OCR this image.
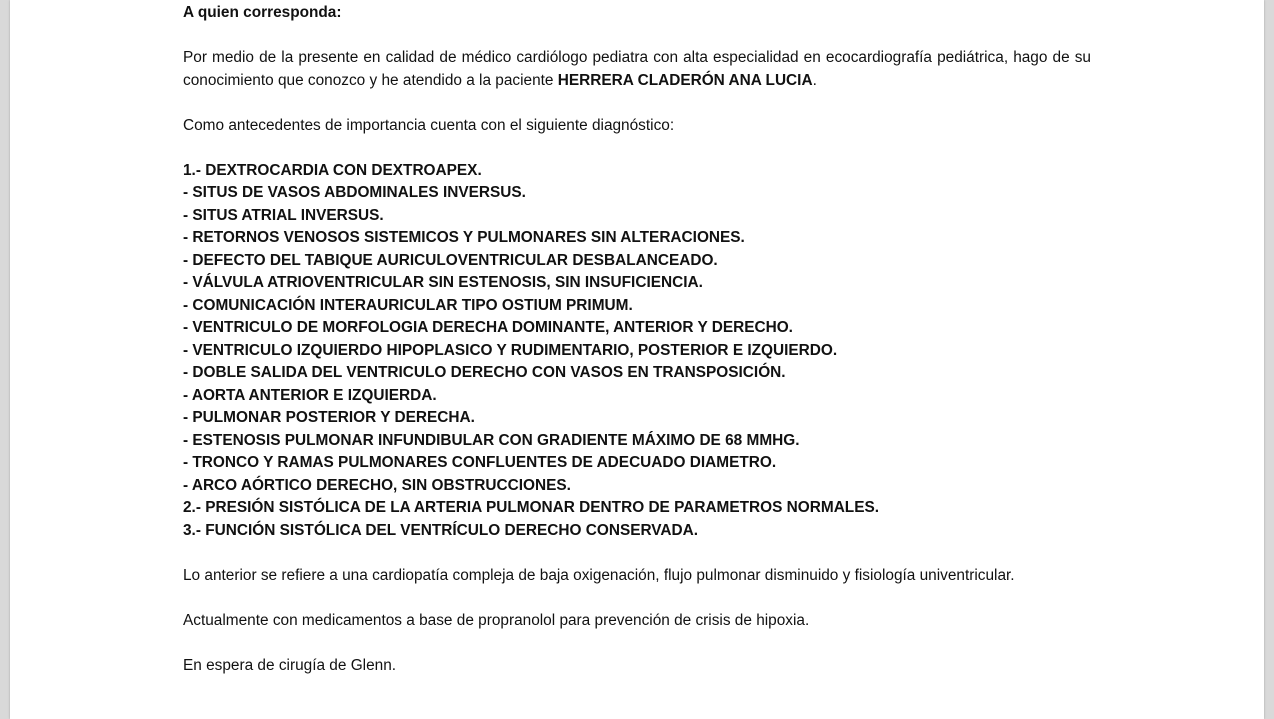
A quien corresponda:

Por medio de la presente en calidad de médico cardiólogo pediatra con alta especialidad en ecocardiografía pediátrica, hago de su conocimiento que conozco y he atendido a la paciente HERRERA CLADERÓN ANA LUCIA.

Como antecedentes de importancia cuenta con el siguiente diagnóstico:

1.- DEXTROCARDIA CON DEXTROAPEX.
- SITUS DE VASOS ABDOMINALES INVERSUS.
- SITUS ATRIAL INVERSUS.
- RETORNOS VENOSOS SISTEMICOS Y PULMONARES SIN ALTERACIONES.
- DEFECTO DEL TABIQUE AURICULOVENTRICULAR DESBALANCEADO.
- VÁLVULA ATRIOVENTRICULAR SIN ESTENOSIS, SIN INSUFICIENCIA.
- COMUNICACIÓN INTERAURICULAR TIPO OSTIUM PRIMUM.
- VENTRICULO DE MORFOLOGIA DERECHA DOMINANTE, ANTERIOR Y DERECHO.
- VENTRICULO IZQUIERDO HIPOPLASICO Y RUDIMENTARIO, POSTERIOR E IZQUIERDO.
- DOBLE SALIDA DEL VENTRICULO DERECHO CON VASOS EN TRANSPOSICIÓN.
- AORTA ANTERIOR E IZQUIERDA.
- PULMONAR POSTERIOR Y DERECHA.
- ESTENOSIS PULMONAR INFUNDIBULAR CON GRADIENTE MÁXIMO DE 68 MMHG.
- TRONCO Y RAMAS PULMONARES CONFLUENTES DE ADECUADO DIAMETRO.
- ARCO AÓRTICO DERECHO, SIN OBSTRUCCIONES.
2.- PRESIÓN SISTÓLICA DE LA ARTERIA PULMONAR DENTRO DE PARAMETROS NORMALES.
3.- FUNCIÓN SISTÓLICA DEL VENTRÍCULO DERECHO CONSERVADA.

Lo anterior se refiere a una cardiopatía compleja de baja oxigenación, flujo pulmonar disminuido y fisiología univentricular.

Actualmente con medicamentos a base de propranolol para prevención de crisis de hipoxia.

En espera de cirugía de Glenn.
